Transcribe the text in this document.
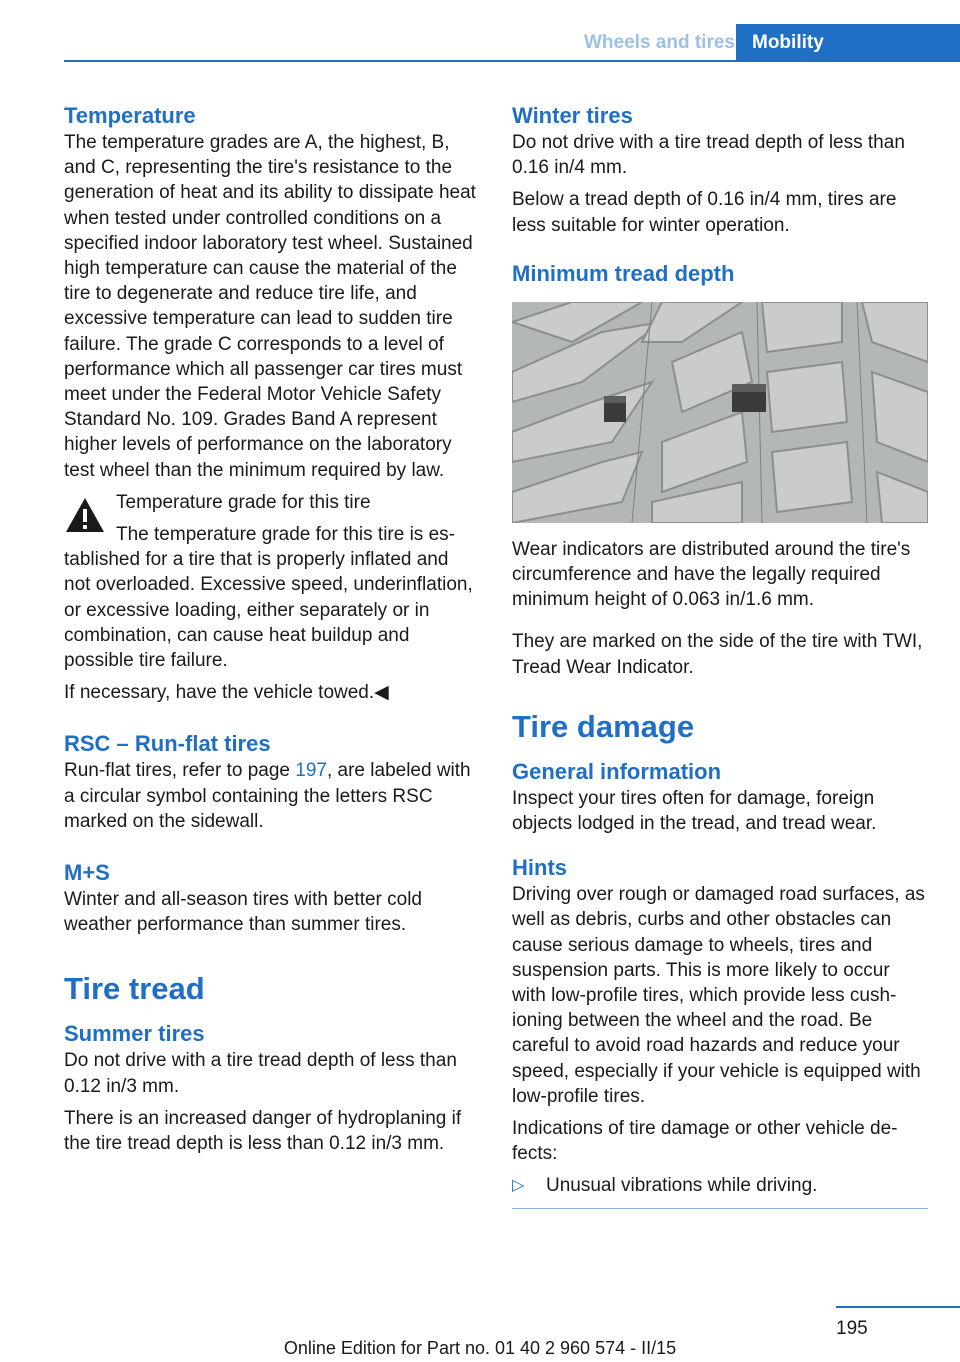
Wheels and tires Mobility
Temperature

The temperature grades are A, the highest, B, and C, representing the tire's resistance to the generation of heat and its ability to dissipate heat when tested under controlled conditions on a specified indoor laboratory test wheel. Sustained high temperature can cause the material of the tire to degenerate and reduce tire life, and excessive temperature can lead to sudden tire failure. The grade C corresponds to a level of performance which all passenger car tires must meet under the Federal Motor Vehicle Safety Standard No. 109. Grades Band A represent higher levels of performance on the laboratory test wheel than the minimum required by law.

Temperature grade for this tire

The temperature grade for this tire is established for a tire that is properly inflated and not overloaded. Excessive speed, underinflation, or excessive loading, either separately or in combination, can cause heat buildup and possible tire failure.

If necessary, have the vehicle towed.◀

RSC – Run-flat tires

Run-flat tires, refer to page 197, are labeled with a circular symbol containing the letters RSC marked on the sidewall.

M+S

Winter and all-season tires with better cold weather performance than summer tires.

Tire tread
Summer tires

Do not drive with a tire tread depth of less than 0.12 in/3 mm.

There is an increased danger of hydroplaning if the tire tread depth is less than 0.12 in/3 mm.

Winter tires

Do not drive with a tire tread depth of less than 0.16 in/4 mm.

Below a tread depth of 0.16 in/4 mm, tires are less suitable for winter operation.

Minimum tread depth

Wear indicators are distributed around the tire's circumference and have the legally required minimum height of 0.063 in/1.6 mm.

They are marked on the side of the tire with TWI, Tread Wear Indicator.

Tire damage
General information

Inspect your tires often for damage, foreign objects lodged in the tread, and tread wear.

Hints

Driving over rough or damaged road surfaces, as well as debris, curbs and other obstacles can cause serious damage to wheels, tires and suspension parts. This is more likely to occur with low-profile tires, which provide less cushioning between the wheel and the road. Be careful to avoid road hazards and reduce your speed, especially if your vehicle is equipped with low-profile tires.

Indications of tire damage or other vehicle defects:

▷	Unusual vibrations while driving.
195
Online Edition for Part no. 01 40 2 960 574 - II/15
